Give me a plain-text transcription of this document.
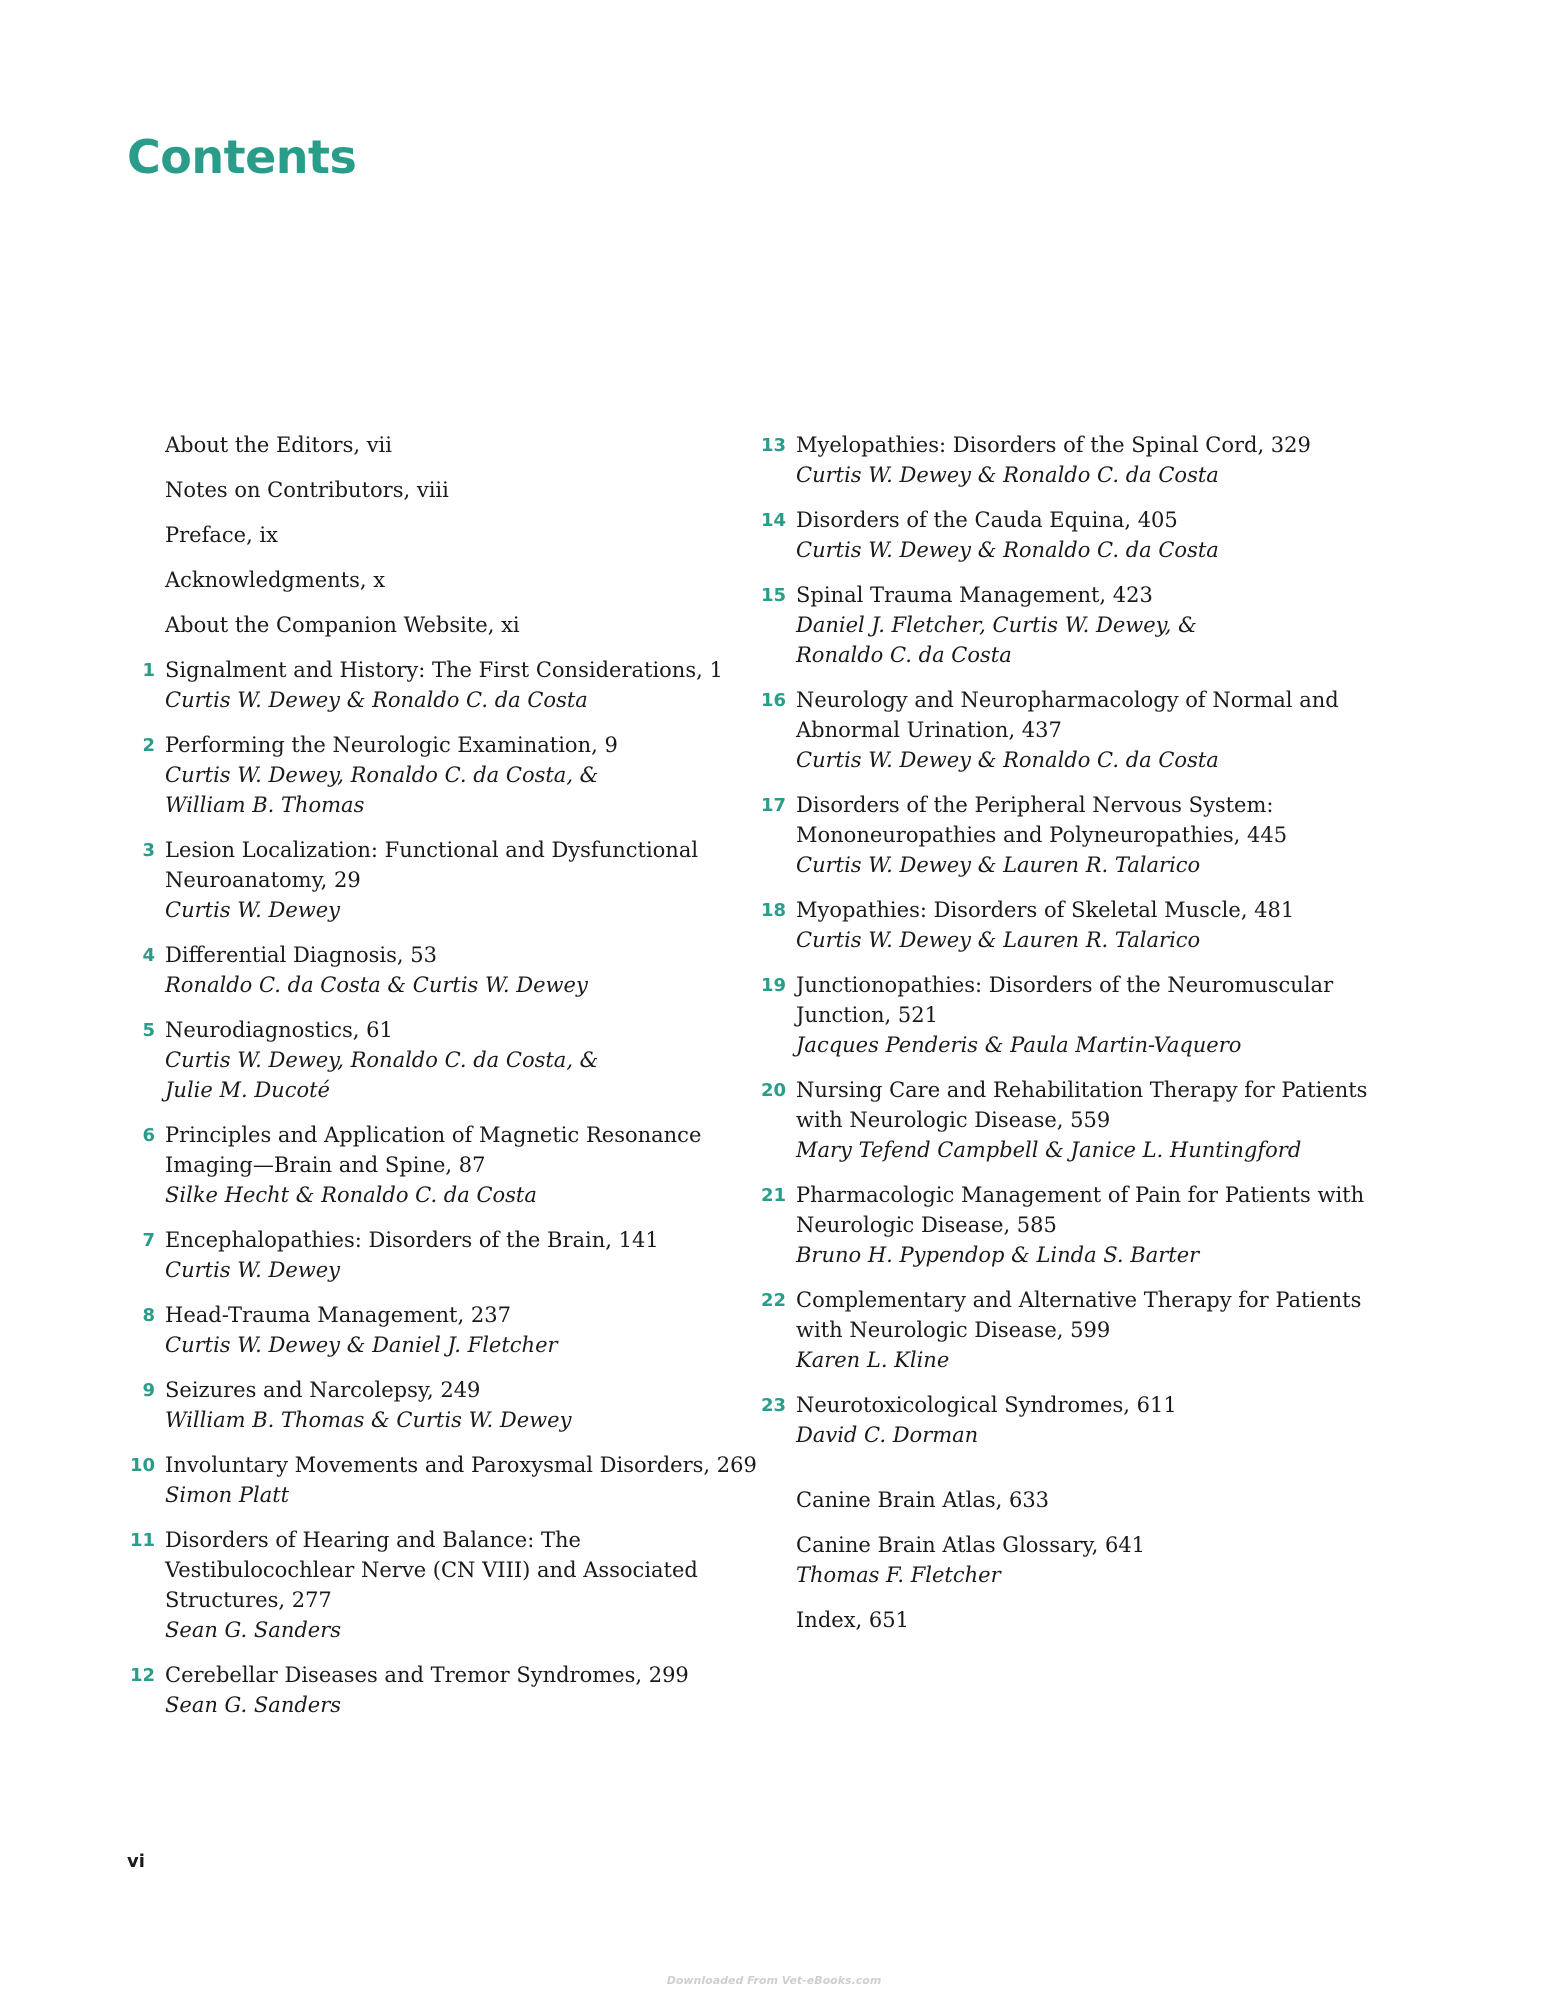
Contents
About the Editors, vii
Notes on Contributors, viii
Preface, ix
Acknowledgments, x
About the Companion Website, xi
1 Signalment and History: The First Considerations, 1
Curtis W. Dewey & Ronaldo C. da Costa
2 Performing the Neurologic Examination, 9
Curtis W. Dewey, Ronaldo C. da Costa, &
William B. Thomas
3 Lesion Localization: Functional and Dysfunctional
Neuroanatomy, 29
Curtis W. Dewey
4 Differential Diagnosis, 53
Ronaldo C. da Costa & Curtis W. Dewey
5 Neurodiagnostics, 61
Curtis W. Dewey, Ronaldo C. da Costa, &
Julie M. Ducoté
6 Principles and Application of Magnetic Resonance
Imaging—Brain and Spine, 87
Silke Hecht & Ronaldo C. da Costa
7 Encephalopathies: Disorders of the Brain, 141
Curtis W. Dewey
8 Head-Trauma Management, 237
Curtis W. Dewey & Daniel J. Fletcher
9 Seizures and Narcolepsy, 249
William B. Thomas & Curtis W. Dewey
10 Involuntary Movements and Paroxysmal Disorders, 269
Simon Platt
11 Disorders of Hearing and Balance: The
Vestibulocochlear Nerve (CN VIII) and Associated
Structures, 277
Sean G. Sanders
12 Cerebellar Diseases and Tremor Syndromes, 299
Sean G. Sanders
13 Myelopathies: Disorders of the Spinal Cord, 329
Curtis W. Dewey & Ronaldo C. da Costa
14 Disorders of the Cauda Equina, 405
Curtis W. Dewey & Ronaldo C. da Costa
15 Spinal Trauma Management, 423
Daniel J. Fletcher, Curtis W. Dewey, &
Ronaldo C. da Costa
16 Neurology and Neuropharmacology of Normal and
Abnormal Urination, 437
Curtis W. Dewey & Ronaldo C. da Costa
17 Disorders of the Peripheral Nervous System:
Mononeuropathies and Polyneuropathies, 445
Curtis W. Dewey & Lauren R. Talarico
18 Myopathies: Disorders of Skeletal Muscle, 481
Curtis W. Dewey & Lauren R. Talarico
19 Junctionopathies: Disorders of the Neuromuscular
Junction, 521
Jacques Penderis & Paula Martin-Vaquero
20 Nursing Care and Rehabilitation Therapy for Patients
with Neurologic Disease, 559
Mary Tefend Campbell & Janice L. Huntingford
21 Pharmacologic Management of Pain for Patients with
Neurologic Disease, 585
Bruno H. Pypendop & Linda S. Barter
22 Complementary and Alternative Therapy for Patients
with Neurologic Disease, 599
Karen L. Kline
23 Neurotoxicological Syndromes, 611
David C. Dorman
Canine Brain Atlas, 633
Canine Brain Atlas Glossary, 641
Thomas F. Fletcher
Index, 651
vi
Downloaded From Vet-eBooks.com
